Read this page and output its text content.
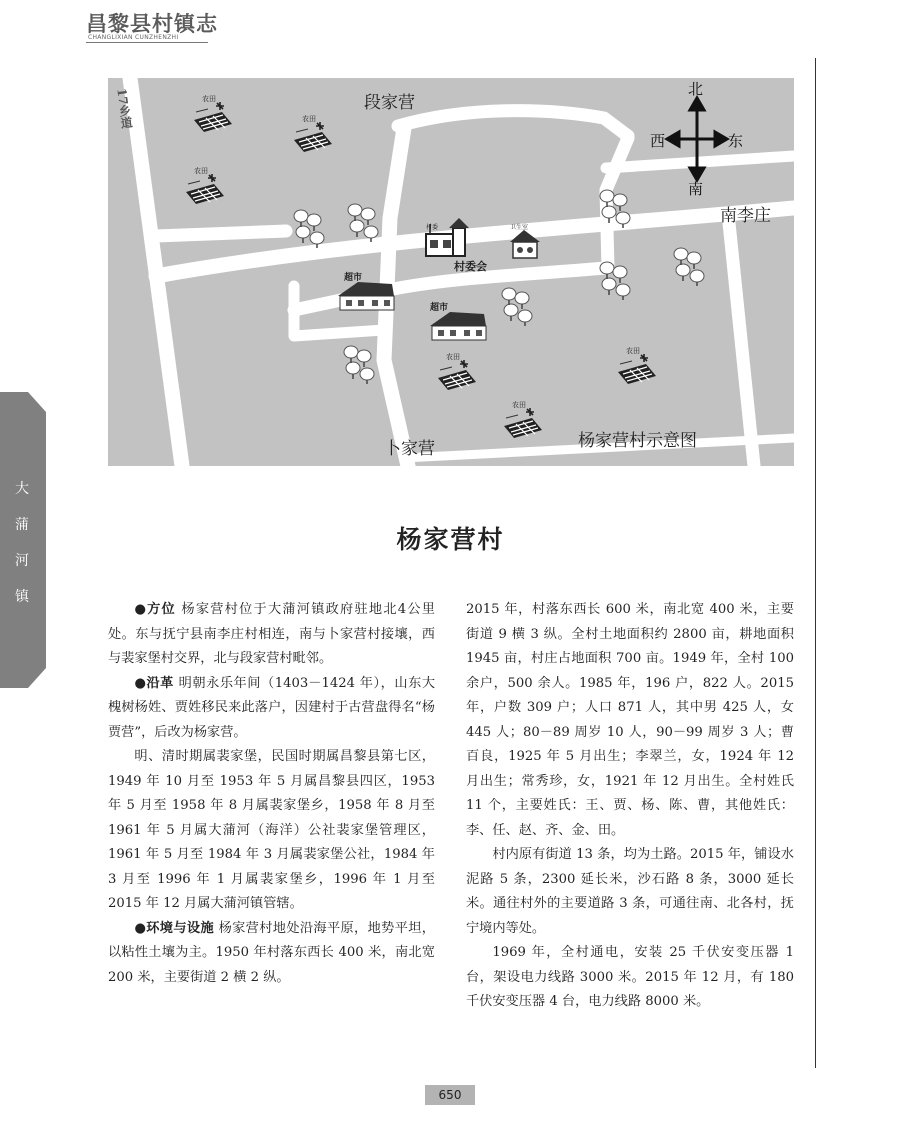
昌黎县村镇志
CHANGLIXIAN CUNZHENZHI
大
蒲
河
镇
17乡道	段家营
南李庄
卜家营	杨家营村示意图
村委会
卫生室
村委
超市
超市
农田
农田
农田
农田
农田
农田
北
南
西	东
杨家营村

●方位 杨家营村位于大蒲河镇政府驻地北4公里处。东与抚宁县南李庄村相连，南与卜家营村接壤，西与裴家堡村交界，北与段家营村毗邻。

●沿革 明朝永乐年间（1403－1424 年），山东大槐树杨姓、贾姓移民来此落户，因建村于古营盘得名“杨贾营”，后改为杨家营。

明、清时期属裴家堡，民国时期属昌黎县第七区，1949 年 10 月至 1953 年 5 月属昌黎县四区，1953 年 5 月至 1958 年 8 月属裴家堡乡，1958 年 8 月至 1961 年 5 月属大蒲河（海洋）公社裴家堡管理区，1961 年 5 月至 1984 年 3 月属裴家堡公社，1984 年 3 月至 1996 年 1 月属裴家堡乡，1996 年 1 月至 2015 年 12 月属大蒲河镇管辖。

●环境与设施 杨家营村地处沿海平原，地势平坦，以粘性土壤为主。1950 年村落东西长 400 米，南北宽 200 米，主要街道 2 横 2 纵。

2015 年，村落东西长 600 米，南北宽 400 米，主要街道 9 横 3 纵。全村土地面积约 2800 亩，耕地面积 1945 亩，村庄占地面积 700 亩。1949 年，全村 100 余户，500 余人。1985 年，196 户，822 人。2015 年，户数 309 户；人口 871 人，其中男 425 人，女 445 人；80－89 周岁 10 人，90－99 周岁 3 人；曹百良，1925 年 5 月出生；李翠兰，女，1924 年 12 月出生；常秀珍，女，1921 年 12 月出生。全村姓氏 11 个，主要姓氏：王、贾、杨、陈、曹，其他姓氏：李、任、赵、齐、金、田。

村内原有街道 13 条，均为土路。2015 年，铺设水泥路 5 条，2300 延长米，沙石路 8 条，3000 延长米。通往村外的主要道路 3 条，可通往南、北各村，抚宁境内等处。

1969 年，全村通电，安装 25 千伏安变压器 1 台，架设电力线路 3000 米。2015 年 12 月，有 180 千伏安变压器 4 台，电力线路 8000 米。

650
